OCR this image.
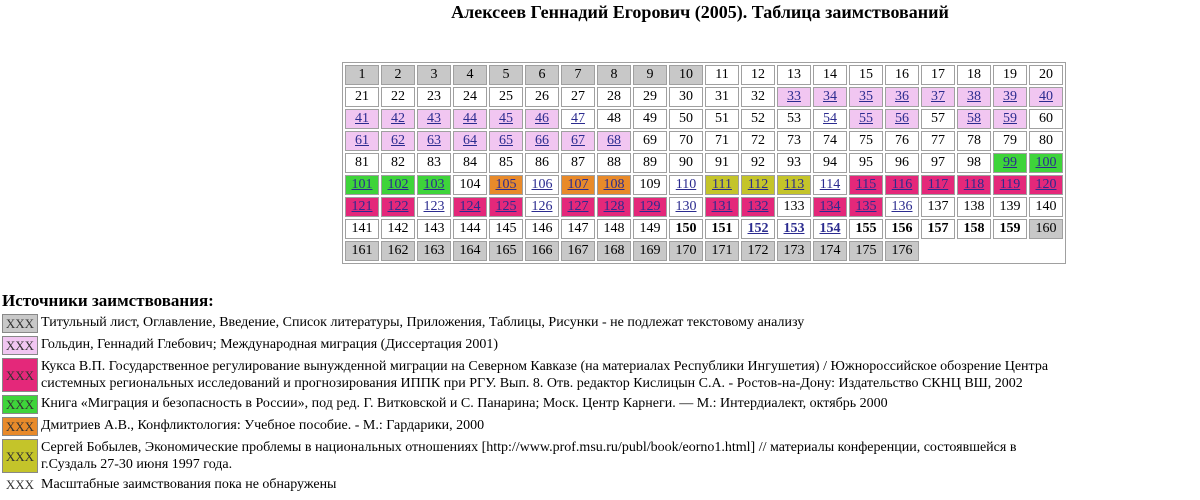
Алексеев Геннадий Егорович (2005). Таблица заимствований
1	2	3	4	5	6	7	8	9	10	11	12	13	14	15	16	17	18	19	20
21	22	23	24	25	26	27	28	29	30	31	32	33	34	35	36	37	38	39	40
41	42	43	44	45	46	47	48	49	50	51	52	53	54	55	56	57	58	59	60
61	62	63	64	65	66	67	68	69	70	71	72	73	74	75	76	77	78	79	80
81	82	83	84	85	86	87	88	89	90	91	92	93	94	95	96	97	98	99	100
101	102	103	104	105	106	107	108	109	110	111	112	113	114	115	116	117	118	119	120
121	122	123	124	125	126	127	128	129	130	131	132	133	134	135	136	137	138	139	140
141	142	143	144	145	146	147	148	149	150	151	152	153	154	155	156	157	158	159	160
161	162	163	164	165	166	167	168	169	170	171	172	173	174	175	176				
Источники заимствования:
XXX Титульный лист, Оглавление, Введение, Список литературы, Приложения, Таблицы, Рисунки - не подлежат текстовому анализу
XXX Гольдин, Геннадий Глебович; Международная миграция (Диссертация 2001)
XXX
Кукса В.П. Государственное регулирование вынужденной миграции на Северном Кавказе (на материалах Республики Ингушетия) / Южнороссийское обозрение Центра
системных региональных исследований и прогнозирования ИППК при РГУ. Вып. 8. Отв. редактор Кислицын С.А. - Ростов-на-Дону: Издательство СКНЦ ВШ, 2002
XXX Книга «Миграция и безопасность в России», под ред. Г. Витковской и С. Панарина; Моск. Центр Карнеги. — М.: Интердиалект, октябрь 2000
XXX Дмитриев А.В., Конфликтология: Учебное пособие. - М.: Гардарики, 2000
XXX
Сергей Бобылев, Экономические проблемы в национальных отношениях [http://www.prof.msu.ru/publ/book/eorno1.html] // материалы конференции, состоявшейся в
г.Суздаль 27-30 июня 1997 года.
XXX Масштабные заимствования пока не обнаружены
